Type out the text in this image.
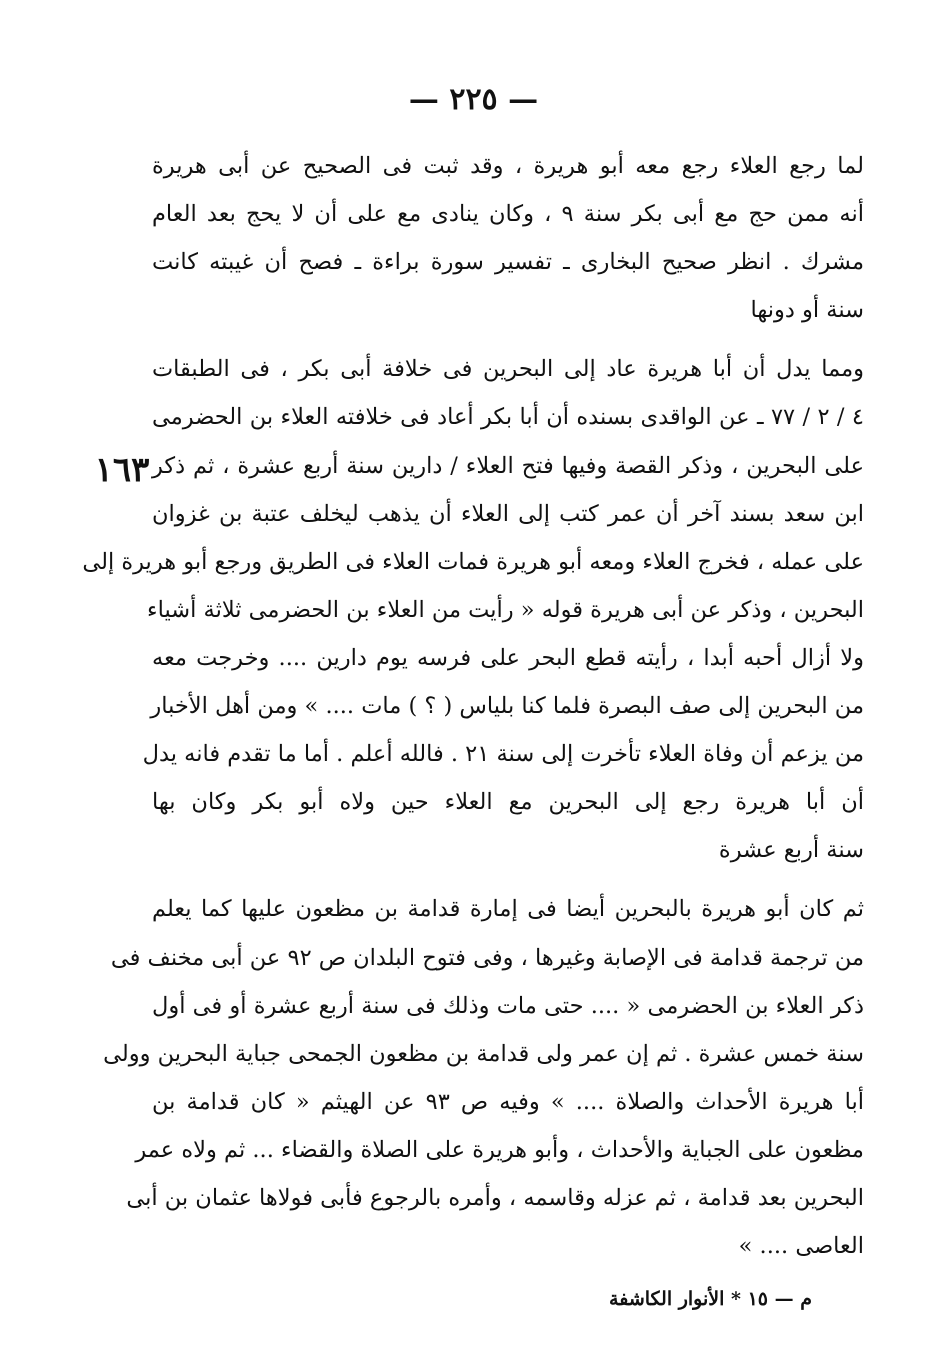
— ٢٢٥ —
١٦٣
لما رجع العلاء رجع معه أبو هريرة ، وقد ثبت فى الصحيح عن أبى هريرة
أنه ممن حج مع أبى بكر سنة ٩ ، وكان ينادى مع على أن لا يحج بعد العام
مشرك . انظر صحيح البخارى ـ تفسير سورة براءة ـ فصح أن غيبته كانت
سنة أو دونها
ومما يدل أن أبا هريرة عاد إلى البحرين فى خلافة أبى بكر ، فى الطبقات
٤ / ٢ / ٧٧ ـ عن الواقدى بسنده أن أبا بكر أعاد فى خلافته العلاء بن الحضرمى
على البحرين ، وذكر القصة وفيها فتح العلاء / دارين سنة أربع عشرة ، ثم ذكر
ابن سعد بسند آخر أن عمر كتب إلى العلاء أن يذهب ليخلف عتبة بن غزوان
على عمله ، فخرج العلاء ومعه أبو هريرة فمات العلاء فى الطريق ورجع أبو هريرة إلى
البحرين ، وذكر عن أبى هريرة قوله « رأيت من العلاء بن الحضرمى ثلاثة أشياء
ولا أزال أحبه أبدا ، رأيته قطع البحر على فرسه يوم دارين .... وخرجت معه
من البحرين إلى صف البصرة فلما كنا بلياس ( ؟ ) مات .... » ومن أهل الأخبار
من يزعم أن وفاة العلاء تأخرت إلى سنة ٢١ . فالله أعلم . أما ما تقدم فانه يدل
أن أبا هريرة رجع إلى البحرين مع العلاء حين ولاه أبو بكر وكان بها
سنة أربع عشرة
ثم كان أبو هريرة بالبحرين أيضا فى إمارة قدامة بن مظعون عليها كما يعلم
من ترجمة قدامة فى الإصابة وغيرها ، وفى فتوح البلدان ص ٩٢ عن أبى مخنف فى
ذكر العلاء بن الحضرمى « .... حتى مات وذلك فى سنة أربع عشرة أو فى أول
سنة خمس عشرة . ثم إن عمر ولى قدامة بن مظعون الجمحى جباية البحرين وولى
أبا هريرة الأحداث والصلاة .... » وفيه ص ٩٣ عن الهيثم « كان قدامة بن
مظعون على الجباية والأحداث ، وأبو هريرة على الصلاة والقضاء ... ثم ولاه عمر
البحرين بعد قدامة ، ثم عزله وقاسمه ، وأمره بالرجوع فأبى فولاها عثمان بن أبى
العاصى .... »
م — ١٥ * الأنوار الكاشفة
